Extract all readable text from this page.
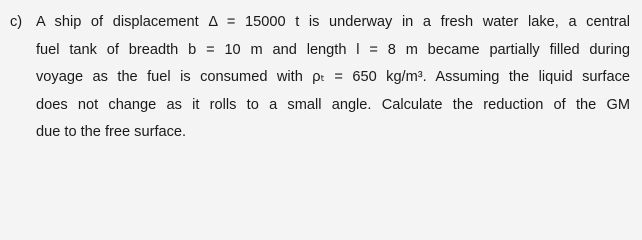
c) A ship of displacement Δ = 15000 t is underway in a fresh water lake, a central
fuel tank of breadth b = 10 m and length l = 8 m became partially filled during
voyage as the fuel is consumed with ρₜ = 650 kg/m³. Assuming the liquid surface
does not change as it rolls to a small angle. Calculate the reduction of the GM
due to the free surface.
